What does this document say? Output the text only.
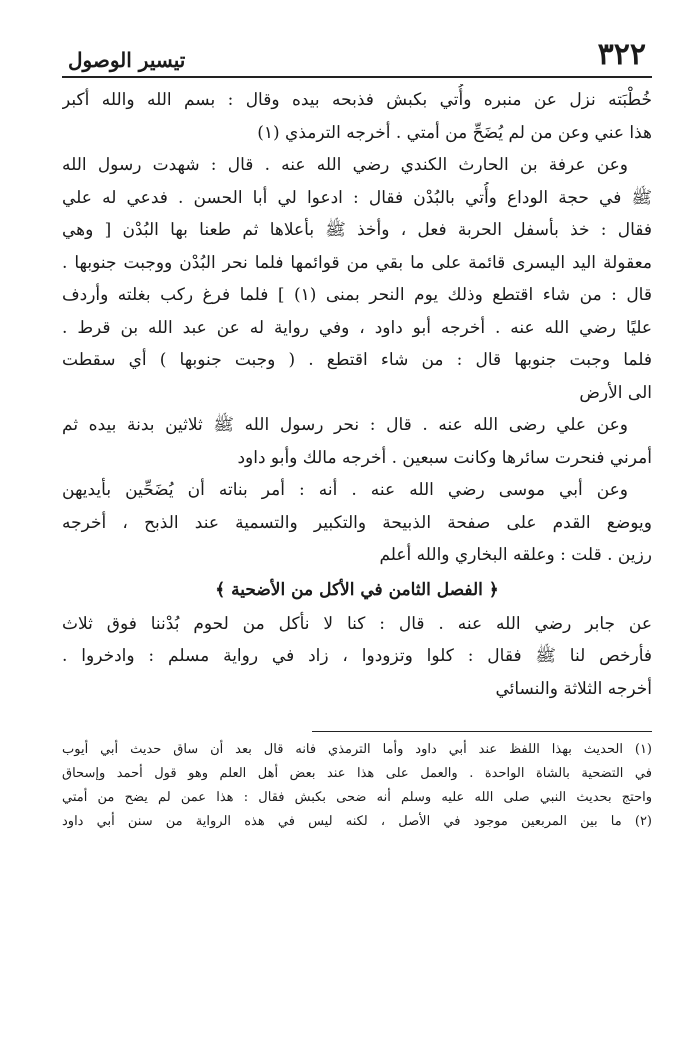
٣٢٢
تيسير الوصول
خُطْبَته نزل عن منبره وأُتي بكبش فذبحه بيده وقال : بسم الله والله أكبر
هذا عني وعن من لم يُضَحِّ من أمتي . أخرجه الترمذي (١)
وعن عرفة بن الحارث الكندي رضي الله عنه . قال : شهدت رسول الله
ﷺ في حجة الوداع وأُتي بالبُدْن فقال : ادعوا لي أبا الحسن . فدعي له علي
فقال : خذ بأسفل الحربة فعل ، وأخذ ﷺ بأعلاها ثم طعنا بها البُدْن [ وهي
معقولة اليد اليسرى قائمة على ما بقي من قوائمها فلما نحر البُدْن ووجبت جنوبها .
قال : من شاء اقتطع وذلك يوم النحر بمنى (١) ] فلما فرغ ركب بغلته وأردف
عليًا رضي الله عنه . أخرجه أبو داود ، وفي رواية له عن عبد الله بن قرط .
فلما وجبت جنوبها قال : من شاء اقتطع . ( وجبت جنوبها ) أي سقطت
الى الأرض
وعن علي رضى الله عنه . قال : نحر رسول الله ﷺ ثلاثين بدنة بيده ثم
أمرني فنحرت سائرها وكانت سبعين . أخرجه مالك وأبو داود
وعن أبي موسى رضي الله عنه . أنه : أمر بناته أن يُضَحِّين بأيديهن
ويوضع القدم على صفحة الذبيحة والتكبير والتسمية عند الذبح ، أخرجه
رزين . قلت : وعلقه البخاري والله أعلم
﴿ الفصل الثامن في الأكل من الأضحية ﴾
عن جابر رضي الله عنه . قال : كنا لا نأكل من لحوم بُدْننا فوق ثلاث
فأرخص لنا ﷺ فقال : كلوا وتزودوا ، زاد في رواية مسلم : وادخروا .
أخرجه الثلاثة والنسائي
(١) الحديث بهذا اللفظ عند أبي داود وأما الترمذي فانه قال بعد أن ساق حديث أبي أيوب
في التضحية بالشاة الواحدة . والعمل على هذا عند بعض أهل العلم وهو قول أحمد وإسحاق
واحتج بحديث النبي صلى الله عليه وسلم أنه ضحى بكبش فقال : هذا عمن لم يضح من أمتي
(٢) ما بين المربعين موجود في الأصل ، لكنه ليس في هذه الرواية من سنن أبي داود
